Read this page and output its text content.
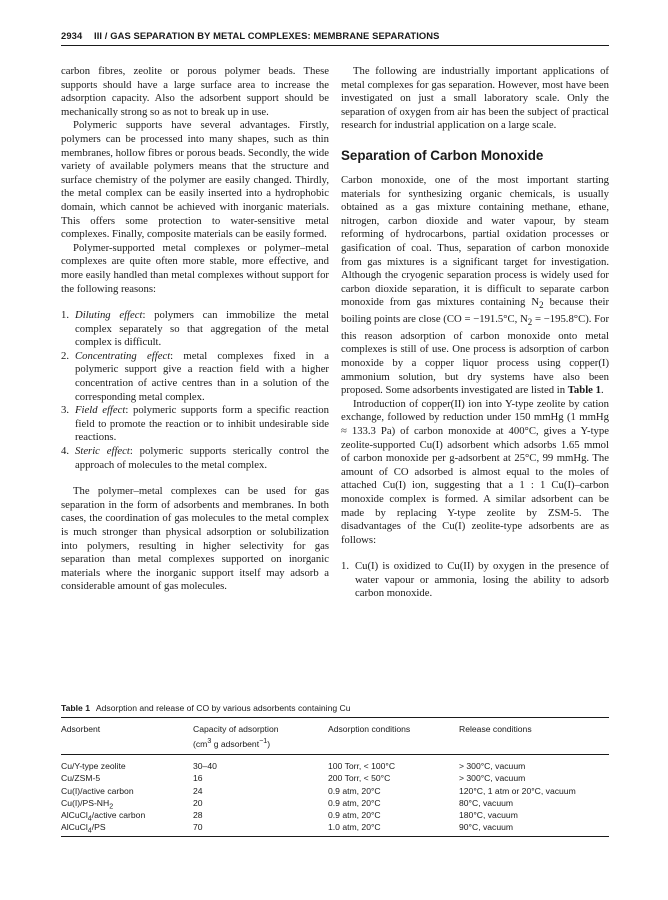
2934 III / GAS SEPARATION BY METAL COMPLEXES: MEMBRANE SEPARATIONS

carbon fibres, zeolite or porous polymer beads. These supports should have a large surface area to increase the adsorption capacity. Also the adsorbent support should be mechanically strong so as not to break up in use.

Polymeric supports have several advantages. Firstly, polymers can be processed into many shapes, such as thin membranes, hollow fibres or porous beads. Secondly, the wide variety of available polymers means that the structure and surface chemistry of the polymer are easily changed. Thirdly, the metal complex can be easily inserted into a hydrophobic domain, which cannot be achieved with inorganic materials. This offers some protection to water-sensitive metal complexes. Finally, composite materials can be easily formed.

Polymer-supported metal complexes or polymer–metal complexes are quite often more stable, more effective, and more easily handled than metal complexes without support for the following reasons:

1. Diluting effect: polymers can immobilize the metal complex separately so that aggregation of the metal complex is difficult.
2. Concentrating effect: metal complexes fixed in a polymeric support give a reaction field with a higher concentration of active centres than in a solution of the corresponding metal complex.
3. Field effect: polymeric supports form a specific reaction field to promote the reaction or to inhibit undesirable side reactions.
4. Steric effect: polymeric supports sterically control the approach of molecules to the metal complex.

The polymer–metal complexes can be used for gas separation in the form of adsorbents and membranes. In both cases, the coordination of gas molecules to the metal complex is much stronger than physical adsorption or solubilization into polymers, resulting in higher selectivity for gas separation than metal complexes supported on inorganic materials where the inorganic support itself may adsorb a considerable amount of gas molecules.

The following are industrially important applications of metal complexes for gas separation. However, most have been investigated on just a small laboratory scale. Only the separation of oxygen from air has been the subject of practical research for industrial application on a large scale.

Separation of Carbon Monoxide

Carbon monoxide, one of the most important starting materials for synthesizing organic chemicals, is usually obtained as a gas mixture containing methane, ethane, nitrogen, carbon dioxide and water vapour, by steam reforming of hydrocarbons, partial oxidation processes or gasification of coal. Thus, separation of carbon monoxide from gas mixtures is a significant target for investigation. Although the cryogenic separation process is widely used for carbon dioxide separation, it is difficult to separate carbon monoxide from gas mixtures containing $N_2$ because their boiling points are close (CO = −191.5°C, $N_2 = -195.8^\circ C$). For this reason adsorption of carbon monoxide onto metal complexes is still of use. One process is adsorption of carbon monoxide by a copper liquor process using copper(I) ammonium solution, but dry systems have also been proposed. Some adsorbents investigated are listed in Table 1.

Introduction of copper(II) ion into Y-type zeolite by cation exchange, followed by reduction under 150 mmHg (1 mmHg ≈ 133.3 Pa) of carbon monoxide at 400°C, gives a Y-type zeolite-supported Cu(I) adsorbent which adsorbs 1.65 mmol of carbon monoxide per g-adsorbent at 25°C, 99 mmHg. The amount of CO adsorbed is almost equal to the moles of attached Cu(I) ion, suggesting that a 1 : 1 Cu(I)–carbon monoxide complex is formed. A similar adsorbent can be made by replacing Y-type zeolite by ZSM-5. The disadvantages of the Cu(I) zeolite-type adsorbents are as follows:

1. Cu(I) is oxidized to Cu(II) by oxygen in the presence of water vapour or ammonia, losing the ability to adsorb carbon monoxide.
Table 1 Adsorption and release of CO by various adsorbents containing Cu
Adsorbent	Capacity of adsorption
($cm^3$ g adsorbent$^{-1}$)
Adsorption conditions	Release conditions
Cu/Y-type zeolite	30–40	100 Torr, < 100°C	> 300°C, vacuum
Cu/ZSM-5	16	200 Torr, < 50°C	> 300°C, vacuum
Cu(I)/active carbon	24	0.9 atm, 20°C	120°C, 1 atm or 20°C, vacuum
$Cu(I)/PS-NH_2$	20	0.9 atm, 20°C	80°C, vacuum
AlCuCl$_4$/active carbon	28	0.9 atm, 20°C	180°C, vacuum
AlCuCl$_4$/PS	70	1.0 atm, 20°C	90°C, vacuum
